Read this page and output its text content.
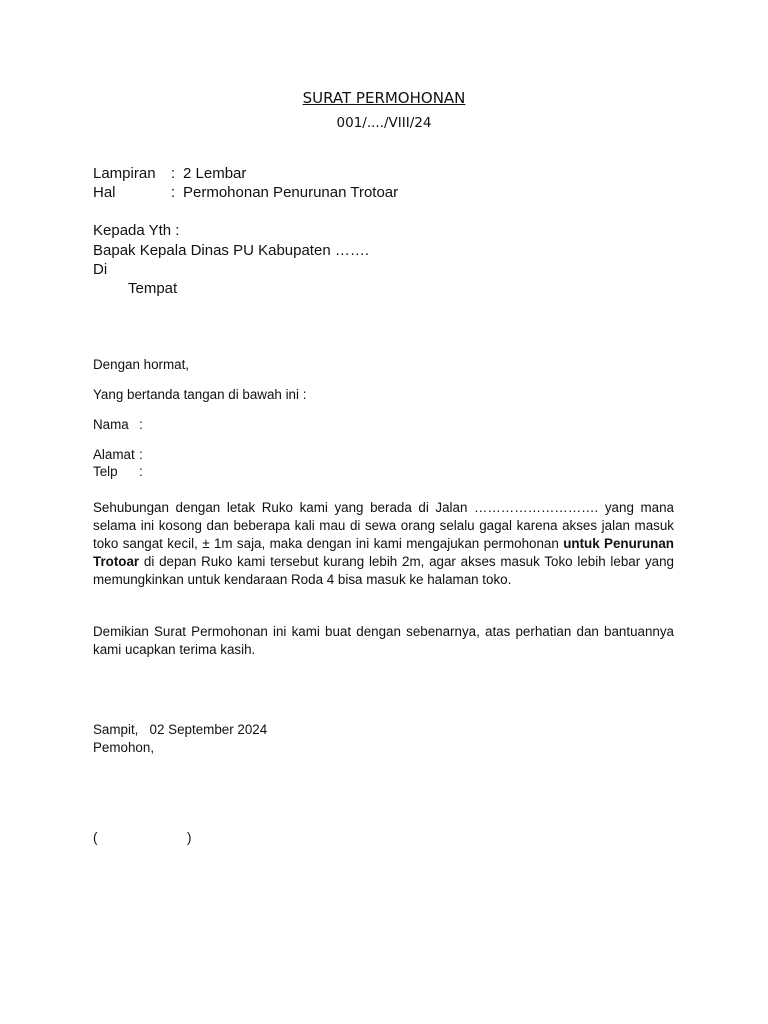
SURAT PERMOHONAN
001/..../VIII/24
Lampiran : 2 Lembar
Hal	: Permohonan Penurunan Trotoar
Kepada Yth :
Bapak Kepala Dinas PU Kabupaten …….
Di
Tempat
Dengan hormat,
Yang bertanda tangan di bawah ini :
Nama :
Alamat :
Telp :
Sehubungan dengan letak Ruko kami yang berada di Jalan ………………………. yang mana selama ini kosong dan beberapa kali mau di sewa orang selalu gagal karena akses jalan masuk toko sangat kecil, ± 1m saja, maka dengan ini kami mengajukan permohonan untuk Penurunan Trotoar di depan Ruko kami tersebut kurang lebih 2m, agar akses masuk Toko lebih lebar yang memungkinkan untuk kendaraan Roda 4 bisa masuk ke halaman toko.
Demikian Surat Permohonan ini kami buat dengan sebenarnya, atas perhatian dan bantuannya kami ucapkan terima kasih.
Sampit,   02 September 2024
Pemohon,
(	)
